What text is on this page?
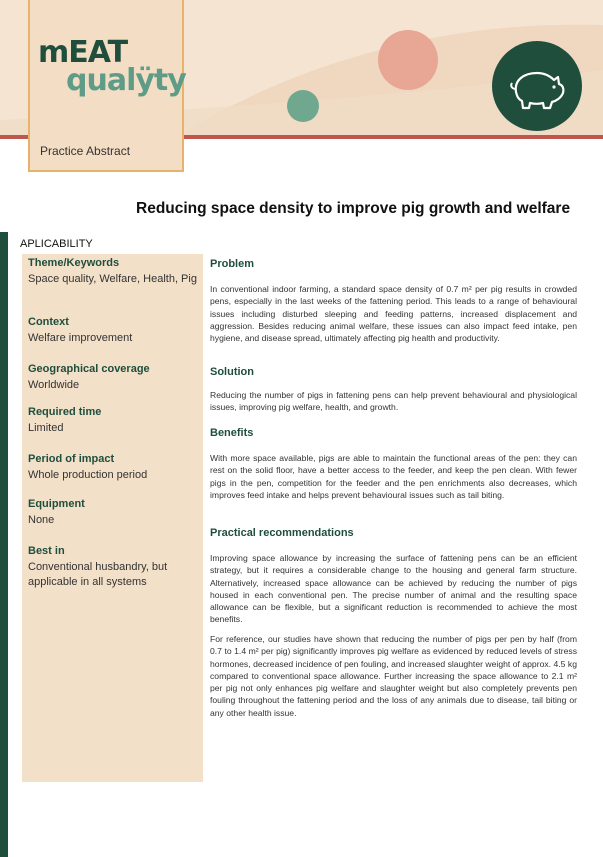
mEAT
qualÿty
Practice Abstract
Reducing space density to improve pig growth and welfare
APLICABILITY
Theme/Keywords
Space quality, Welfare, Health, Pig
Context
Welfare improvement
Geographical coverage
Worldwide
Required time
Limited
Period of impact
Whole production period
Equipment
None
Best in
Conventional husbandry, but applicable in all systems
Problem
In conventional indoor farming, a standard space density of 0.7 m² per pig results in crowded pens, especially in the last weeks of the fattening period. This leads to a range of behavioural issues including disturbed sleeping and feeding patterns, increased displacement and aggression. Besides reducing animal welfare, these issues can also impact feed intake, pen hygiene, and disease spread, ultimately affecting pig health and productivity.
Solution
Reducing the number of pigs in fattening pens can help prevent behavioural and physiological issues, improving pig welfare, health, and growth.
Benefits
With more space available, pigs are able to maintain the functional areas of the pen: they can rest on the solid floor, have a better access to the feeder, and keep the pen clean. With fewer pigs in the pen, competition for the feeder and the pen enrichments also decreases, which improves feed intake and helps prevent behavioural issues such as tail biting.
Practical recommendations
Improving space allowance by increasing the surface of fattening pens can be an efficient strategy, but it requires a considerable change to the housing and general farm structure. Alternatively, increased space allowance can be achieved by reducing the number of pigs housed in each conventional pen. The precise number of animal and the resulting space allowance can be flexible, but a significant reduction is recommended to achieve the most benefits.
For reference, our studies have shown that reducing the number of pigs per pen by half (from 0.7 to 1.4 m² per pig) significantly improves pig welfare as evidenced by reduced levels of stress hormones, decreased incidence of pen fouling, and increased slaughter weight of approx. 4.5 kg compared to conventional space allowance. Further increasing the space allowance to 2.1 m² per pig not only enhances pig welfare and slaughter weight but also completely prevents pen fouling throughout the fattening period and the loss of any animals due to disease, tail biting or any other health issue.
